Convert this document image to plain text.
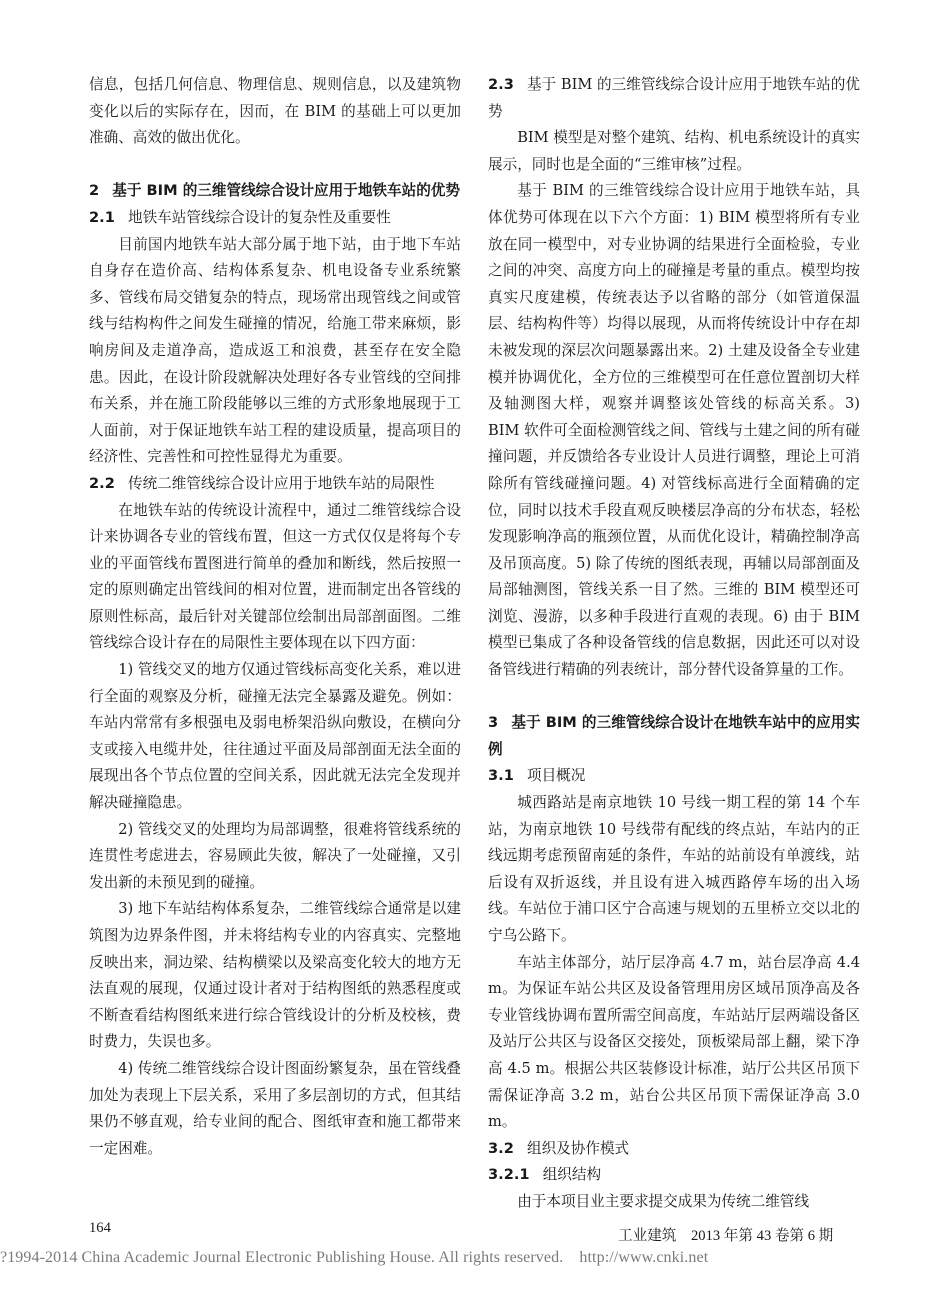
信息，包括几何信息、物理信息、规则信息，以及建筑物变化以后的实际存在，因而，在 BIM 的基础上可以更加准确、高效的做出优化。

2 基于 BIM 的三维管线综合设计应用于地铁车站的优势

2.1 地铁车站管线综合设计的复杂性及重要性

目前国内地铁车站大部分属于地下站，由于地下车站自身存在造价高、结构体系复杂、机电设备专业系统繁多、管线布局交错复杂的特点，现场常出现管线之间或管线与结构构件之间发生碰撞的情况，给施工带来麻烦，影响房间及走道净高，造成返工和浪费，甚至存在安全隐患。因此，在设计阶段就解决处理好各专业管线的空间排布关系，并在施工阶段能够以三维的方式形象地展现于工人面前，对于保证地铁车站工程的建设质量，提高项目的经济性、完善性和可控性显得尤为重要。

2.2 传统二维管线综合设计应用于地铁车站的局限性

在地铁车站的传统设计流程中，通过二维管线综合设计来协调各专业的管线布置，但这一方式仅仅是将每个专业的平面管线布置图进行简单的叠加和断线，然后按照一定的原则确定出管线间的相对位置，进而制定出各管线的原则性标高，最后针对关键部位绘制出局部剖面图。二维管线综合设计存在的局限性主要体现在以下四方面：

1) 管线交叉的地方仅通过管线标高变化关系，难以进行全面的观察及分析，碰撞无法完全暴露及避免。例如：车站内常常有多根强电及弱电桥架沿纵向敷设，在横向分支或接入电缆井处，往往通过平面及局部剖面无法全面的展现出各个节点位置的空间关系，因此就无法完全发现并解决碰撞隐患。

2) 管线交叉的处理均为局部调整，很难将管线系统的连贯性考虑进去，容易顾此失彼，解决了一处碰撞，又引发出新的未预见到的碰撞。

3) 地下车站结构体系复杂，二维管线综合通常是以建筑图为边界条件图，并未将结构专业的内容真实、完整地反映出来，洞边梁、结构横梁以及梁高变化较大的地方无法直观的展现，仅通过设计者对于结构图纸的熟悉程度或不断查看结构图纸来进行综合管线设计的分析及校核，费时费力，失误也多。

4) 传统二维管线综合设计图面纷繁复杂，虽在管线叠加处为表现上下层关系，采用了多层剖切的方式，但其结果仍不够直观，给专业间的配合、图纸审查和施工都带来一定困难。

2.3 基于 BIM 的三维管线综合设计应用于地铁车站的优势

BIM 模型是对整个建筑、结构、机电系统设计的真实展示，同时也是全面的“三维审核”过程。

基于 BIM 的三维管线综合设计应用于地铁车站，具体优势可体现在以下六个方面：1) BIM 模型将所有专业放在同一模型中，对专业协调的结果进行全面检验，专业之间的冲突、高度方向上的碰撞是考量的重点。模型均按真实尺度建模，传统表达予以省略的部分（如管道保温层、结构构件等）均得以展现，从而将传统设计中存在却未被发现的深层次问题暴露出来。2) 土建及设备全专业建模并协调优化，全方位的三维模型可在任意位置剖切大样及轴测图大样，观察并调整该处管线的标高关系。3) BIM 软件可全面检测管线之间、管线与土建之间的所有碰撞问题，并反馈给各专业设计人员进行调整，理论上可消除所有管线碰撞问题。4) 对管线标高进行全面精确的定位，同时以技术手段直观反映楼层净高的分布状态，轻松发现影响净高的瓶颈位置，从而优化设计，精确控制净高及吊顶高度。5) 除了传统的图纸表现，再辅以局部剖面及局部轴测图，管线关系一目了然。三维的 BIM 模型还可浏览、漫游，以多种手段进行直观的表现。6) 由于 BIM 模型已集成了各种设备管线的信息数据，因此还可以对设备管线进行精确的列表统计，部分替代设备算量的工作。

3 基于 BIM 的三维管线综合设计在地铁车站中的应用实例

3.1 项目概况

城西路站是南京地铁 10 号线一期工程的第 14 个车站，为南京地铁 10 号线带有配线的终点站，车站内的正线远期考虑预留南延的条件，车站的站前设有单渡线，站后设有双折返线，并且设有进入城西路停车场的出入场线。车站位于浦口区宁合高速与规划的五里桥立交以北的宁乌公路下。

车站主体部分，站厅层净高 4.7 m，站台层净高 4.4 m。为保证车站公共区及设备管理用房区域吊顶净高及各专业管线协调布置所需空间高度，车站站厅层两端设备区及站厅公共区与设备区交接处，顶板梁局部上翻，梁下净高 4.5 m。根据公共区装修设计标准，站厅公共区吊顶下需保证净高 3.2 m，站台公共区吊顶下需保证净高 3.0 m。

3.2 组织及协作模式

3.2.1 组织结构

由于本项目业主要求提交成果为传统二维管线

164	工业建筑　2013 年第 43 卷第 6 期
?1994-2014 China Academic Journal Electronic Publishing House. All rights reserved.　http://www.cnki.net
